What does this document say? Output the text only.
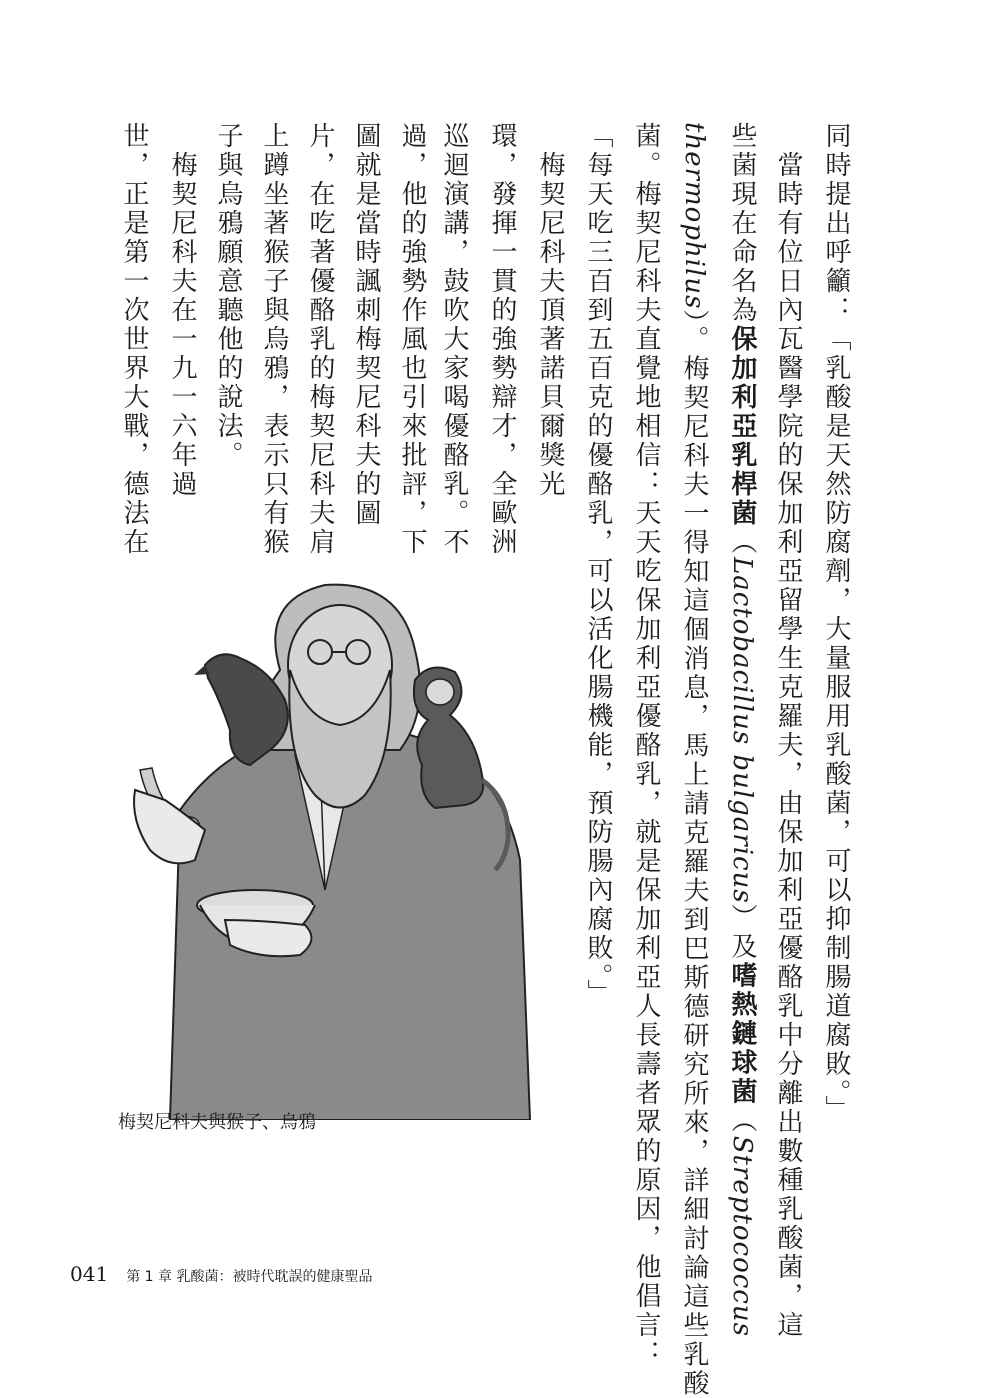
同時提出呼籲：「乳酸是天然防腐劑，大量服用乳酸菌，可以抑制腸道腐敗。」
　當時有位日內瓦醫學院的保加利亞留學生克羅夫，由保加利亞優酪乳中分離出數種乳酸菌，這
些菌現在命名為保加利亞乳桿菌（Lactobacillus bulgaricus）及嗜熱鏈球菌（Streptococcus
thermophilus）。梅契尼科夫一得知這個消息，馬上請克羅夫到巴斯德研究所來，詳細討論這些乳酸
菌。梅契尼科夫直覺地相信：天天吃保加利亞優酪乳，就是保加利亞人長壽者眾的原因，他倡言：
「每天吃三百到五百克的優酪乳，可以活化腸機能，預防腸內腐敗。」
　梅契尼科夫頂著諾貝爾獎光
環，發揮一貫的強勢辯才，全歐洲
巡迴演講，鼓吹大家喝優酪乳。不
過，他的強勢作風也引來批評，下
圖就是當時諷刺梅契尼科夫的圖
片，在吃著優酪乳的梅契尼科夫肩
上蹲坐著猴子與烏鴉，表示只有猴
子與烏鴉願意聽他的說法。
　梅契尼科夫在一九一六年過
世，正是第一次世界大戰，德法在
梅契尼科夫與猴子、烏鴉
041 第 1 章 乳酸菌：被時代耽誤的健康聖品
